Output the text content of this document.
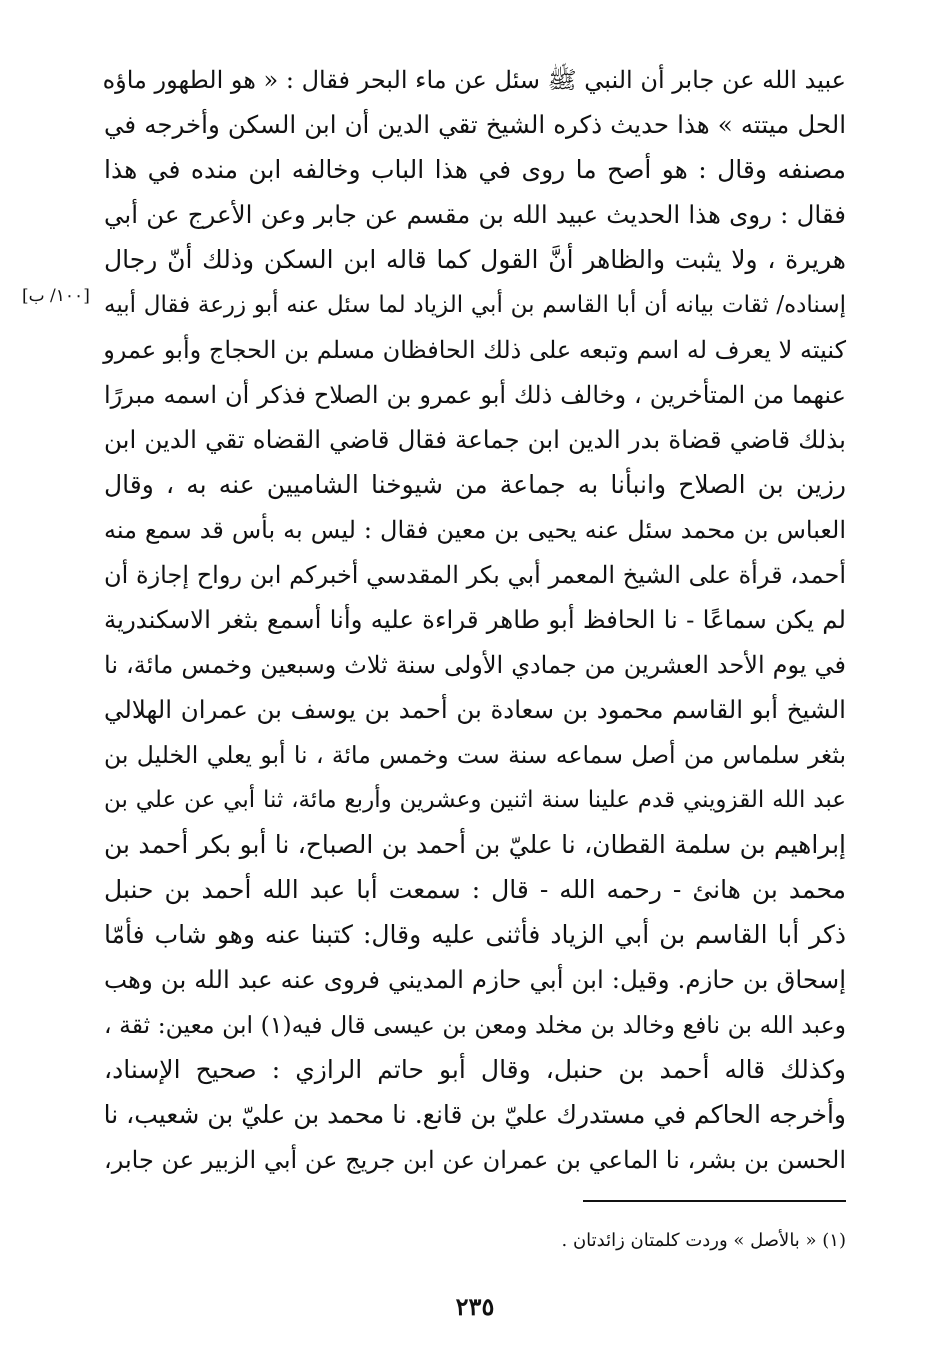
[١٠٠/ ب]
عبيد الله عن جابر أن النبي ﷺ سئل عن ماء البحر فقال : « هو الطهور ماؤه
الحل ميتته » هذا حديث ذكره الشيخ تقي الدين أن ابن السكن وأخرجه في
مصنفه وقال : هو أصح ما روى في هذا الباب وخالفه ابن منده في هذا
فقال : روى هذا الحديث عبيد الله بن مقسم عن جابر وعن الأعرج عن أبي
هريرة ، ولا يثبت والظاهر أنَّ القول كما قاله ابن السكن وذلك أنّ رجال
إسناده/ ثقات بيانه أن أبا القاسم بن أبي الزياد لما سئل عنه أبو زرعة فقال أبيه
كنيته لا يعرف له اسم وتبعه على ذلك الحافظان مسلم بن الحجاج وأبو عمرو
عنهما من المتأخرين ، وخالف ذلك أبو عمرو بن الصلاح فذكر أن اسمه مبررًا
بذلك قاضي قضاة بدر الدين ابن جماعة فقال قاضي القضاه تقي الدين ابن
رزين بن الصلاح وانبأنا به جماعة من شيوخنا الشاميين عنه به ، وقال
العباس بن محمد سئل عنه يحيى بن معين فقال : ليس به بأس قد سمع منه
أحمد، قرأة على الشيخ المعمر أبي بكر المقدسي أخبركم ابن رواح إجازة أن
لم يكن سماعًا - نا الحافظ أبو طاهر قراءة عليه وأنا أسمع بثغر الاسكندرية
في يوم الأحد العشرين من جمادي الأولى سنة ثلاث وسبعين وخمس مائة، نا
الشيخ أبو القاسم محمود بن سعادة بن أحمد بن يوسف بن عمران الهلالي
بثغر سلماس من أصل سماعه سنة ست وخمس مائة ، نا أبو يعلي الخليل بن
عبد الله القزويني قدم علينا سنة اثنين وعشرين وأربع مائة، ثنا أبي عن علي بن
إبراهيم بن سلمة القطان، نا عليّ بن أحمد بن الصباح، نا أبو بكر أحمد بن
محمد بن هانئ - رحمه الله - قال : سمعت أبا عبد الله أحمد بن حنبل
ذكر أبا القاسم بن أبي الزياد فأثنى عليه وقال: كتبنا عنه وهو شاب فأمّا
إسحاق بن حازم. وقيل: ابن أبي حازم المديني فروى عنه عبد الله بن وهب
وعبد الله بن نافع وخالد بن مخلد ومعن بن عيسى قال فيه(١) ابن معين: ثقة ،
وكذلك قاله أحمد بن حنبل، وقال أبو حاتم الرازي : صحيح الإسناد،
وأخرجه الحاكم في مستدرك عليّ بن قانع. نا محمد بن عليّ بن شعيب، نا
الحسن بن بشر، نا الماعي بن عمران عن ابن جريج عن أبي الزبير عن جابر،
(١) « بالأصل » وردت كلمتان زائدتان .
٢٣٥
